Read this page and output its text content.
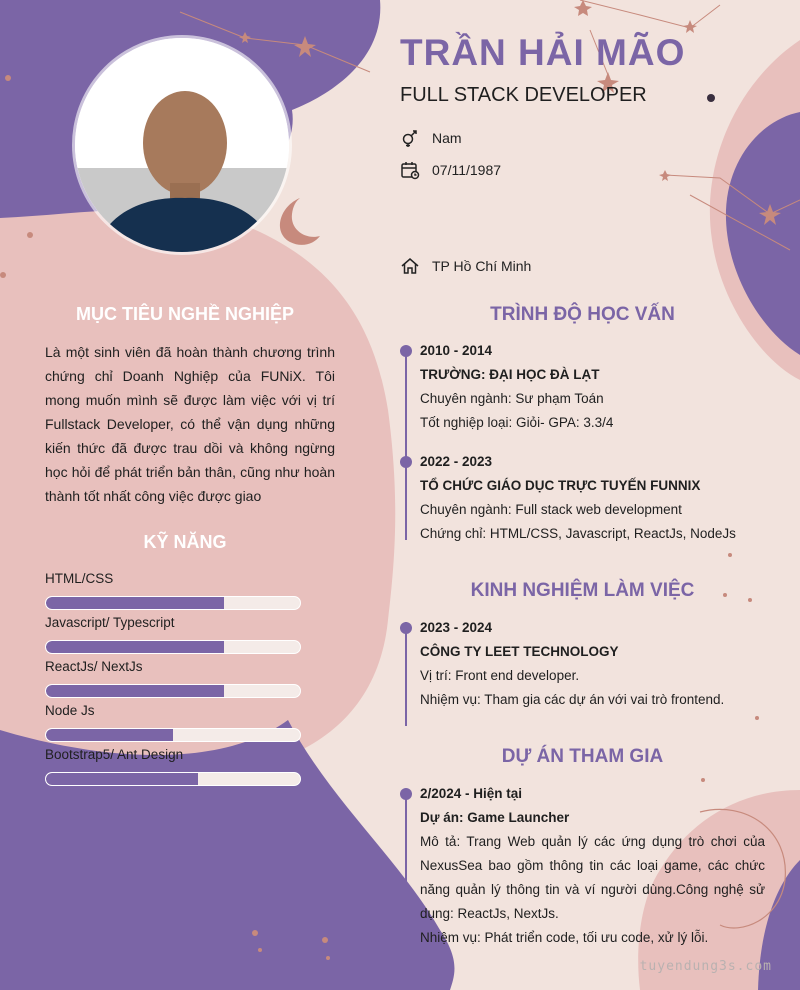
TRẦN HẢI MÃO
FULL STACK DEVELOPER
Nam
07/11/1987
TP Hồ Chí Minh
MỤC TIÊU NGHỀ NGHIỆP
Là một sinh viên đã hoàn thành chương trình chứng chỉ Doanh Nghiệp của FUNiX. Tôi mong muốn mình sẽ được làm việc với vị trí Fullstack Developer, có thể vận dụng những kiến thức đã được trau dồi và không ngừng học hỏi để phát triển bản thân, cũng như hoàn thành tốt nhất công việc được giao
KỸ NĂNG
HTML/CSS
Javascript/ Typescript
ReactJs/ NextJs
Node Js
Bootstrap5/ Ant Design
TRÌNH ĐỘ HỌC VẤN
2010 - 2014
TRƯỜNG: ĐẠI HỌC ĐÀ LẠT
Chuyên ngành: Sư phạm Toán
Tốt nghiệp loại: Giỏi- GPA: 3.3/4
2022 - 2023
TỔ CHỨC GIÁO DỤC TRỰC TUYẾN FUNNIX
Chuyên ngành: Full stack web development
Chứng chỉ: HTML/CSS, Javascript, ReactJs, NodeJs
KINH NGHIỆM LÀM VIỆC
2023 - 2024
CÔNG TY LEET TECHNOLOGY
Vị trí: Front end developer.
Nhiệm vụ: Tham gia các dự án với vai trò frontend.
DỰ ÁN THAM GIA
2/2024 - Hiện tại
Dự án: Game Launcher
Mô tả: Trang Web quản lý các ứng dụng trò chơi của NexusSea bao gồm thông tin các loại game, các chức năng quản lý thông tin và ví người dùng.Công nghệ sử dụng: ReactJs, NextJs.
Nhiệm vụ: Phát triển code, tối ưu code, xử lý lỗi.
tuyendung3s.com
